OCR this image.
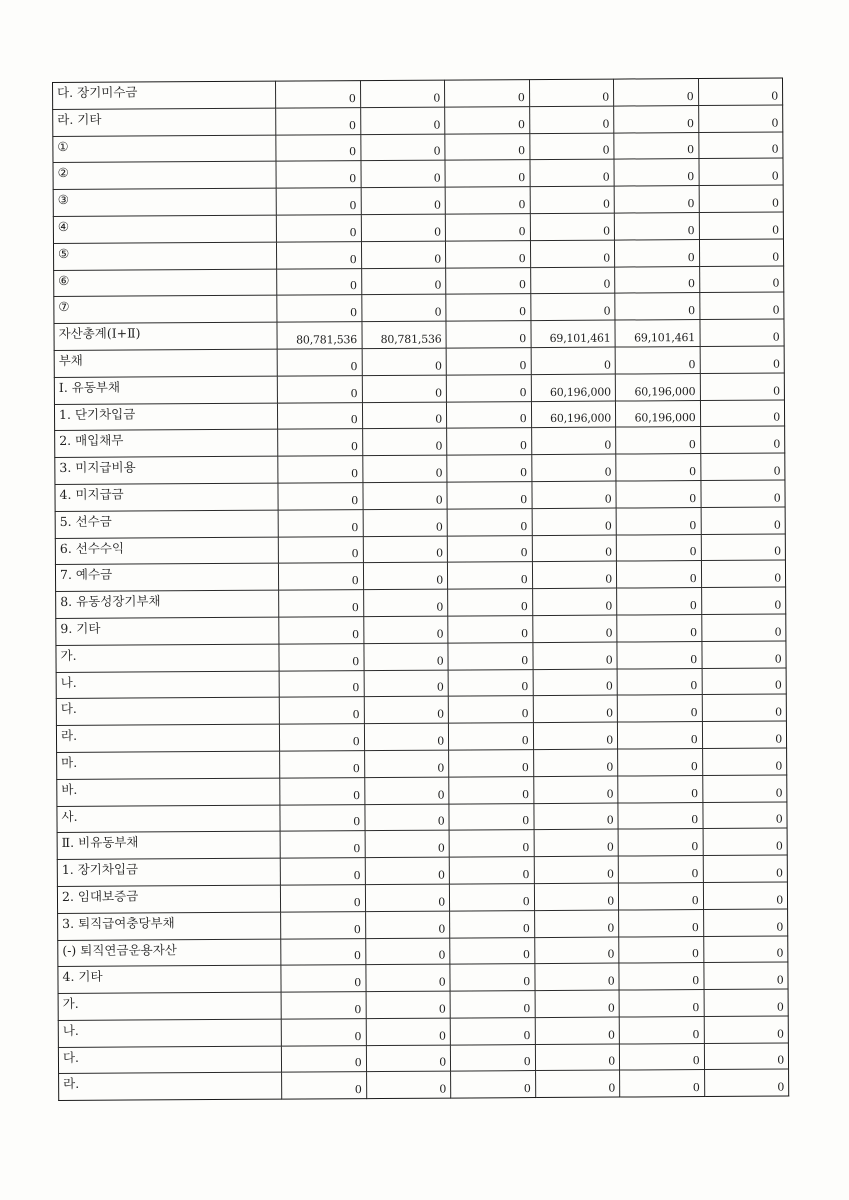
다. 장기미수금	0	0	0	0	0	0
라. 기타	0	0	0	0	0	0
①	0	0	0	0	0	0
②	0	0	0	0	0	0
③	0	0	0	0	0	0
④	0	0	0	0	0	0
⑤	0	0	0	0	0	0
⑥	0	0	0	0	0	0
⑦	0	0	0	0	0	0
자산총계(Ⅰ+Ⅱ)	80,781,536	80,781,536	0	69,101,461	69,101,461	0
부채	0	0	0	0	0	0
Ⅰ. 유동부채	0	0	0	60,196,000	60,196,000	0
1. 단기차입금	0	0	0	60,196,000	60,196,000	0
2. 매입채무	0	0	0	0	0	0
3. 미지급비용	0	0	0	0	0	0
4. 미지급금	0	0	0	0	0	0
5. 선수금	0	0	0	0	0	0
6. 선수수익	0	0	0	0	0	0
7. 예수금	0	0	0	0	0	0
8. 유동성장기부채	0	0	0	0	0	0
9. 기타	0	0	0	0	0	0
가.	0	0	0	0	0	0
나.	0	0	0	0	0	0
다.	0	0	0	0	0	0
라.	0	0	0	0	0	0
마.	0	0	0	0	0	0
바.	0	0	0	0	0	0
사.	0	0	0	0	0	0
Ⅱ. 비유동부채	0	0	0	0	0	0
1. 장기차입금	0	0	0	0	0	0
2. 임대보증금	0	0	0	0	0	0
3. 퇴직급여충당부채	0	0	0	0	0	0
(-) 퇴직연금운용자산	0	0	0	0	0	0
4. 기타	0	0	0	0	0	0
가.	0	0	0	0	0	0
나.	0	0	0	0	0	0
다.	0	0	0	0	0	0
라.	0	0	0	0	0	0
